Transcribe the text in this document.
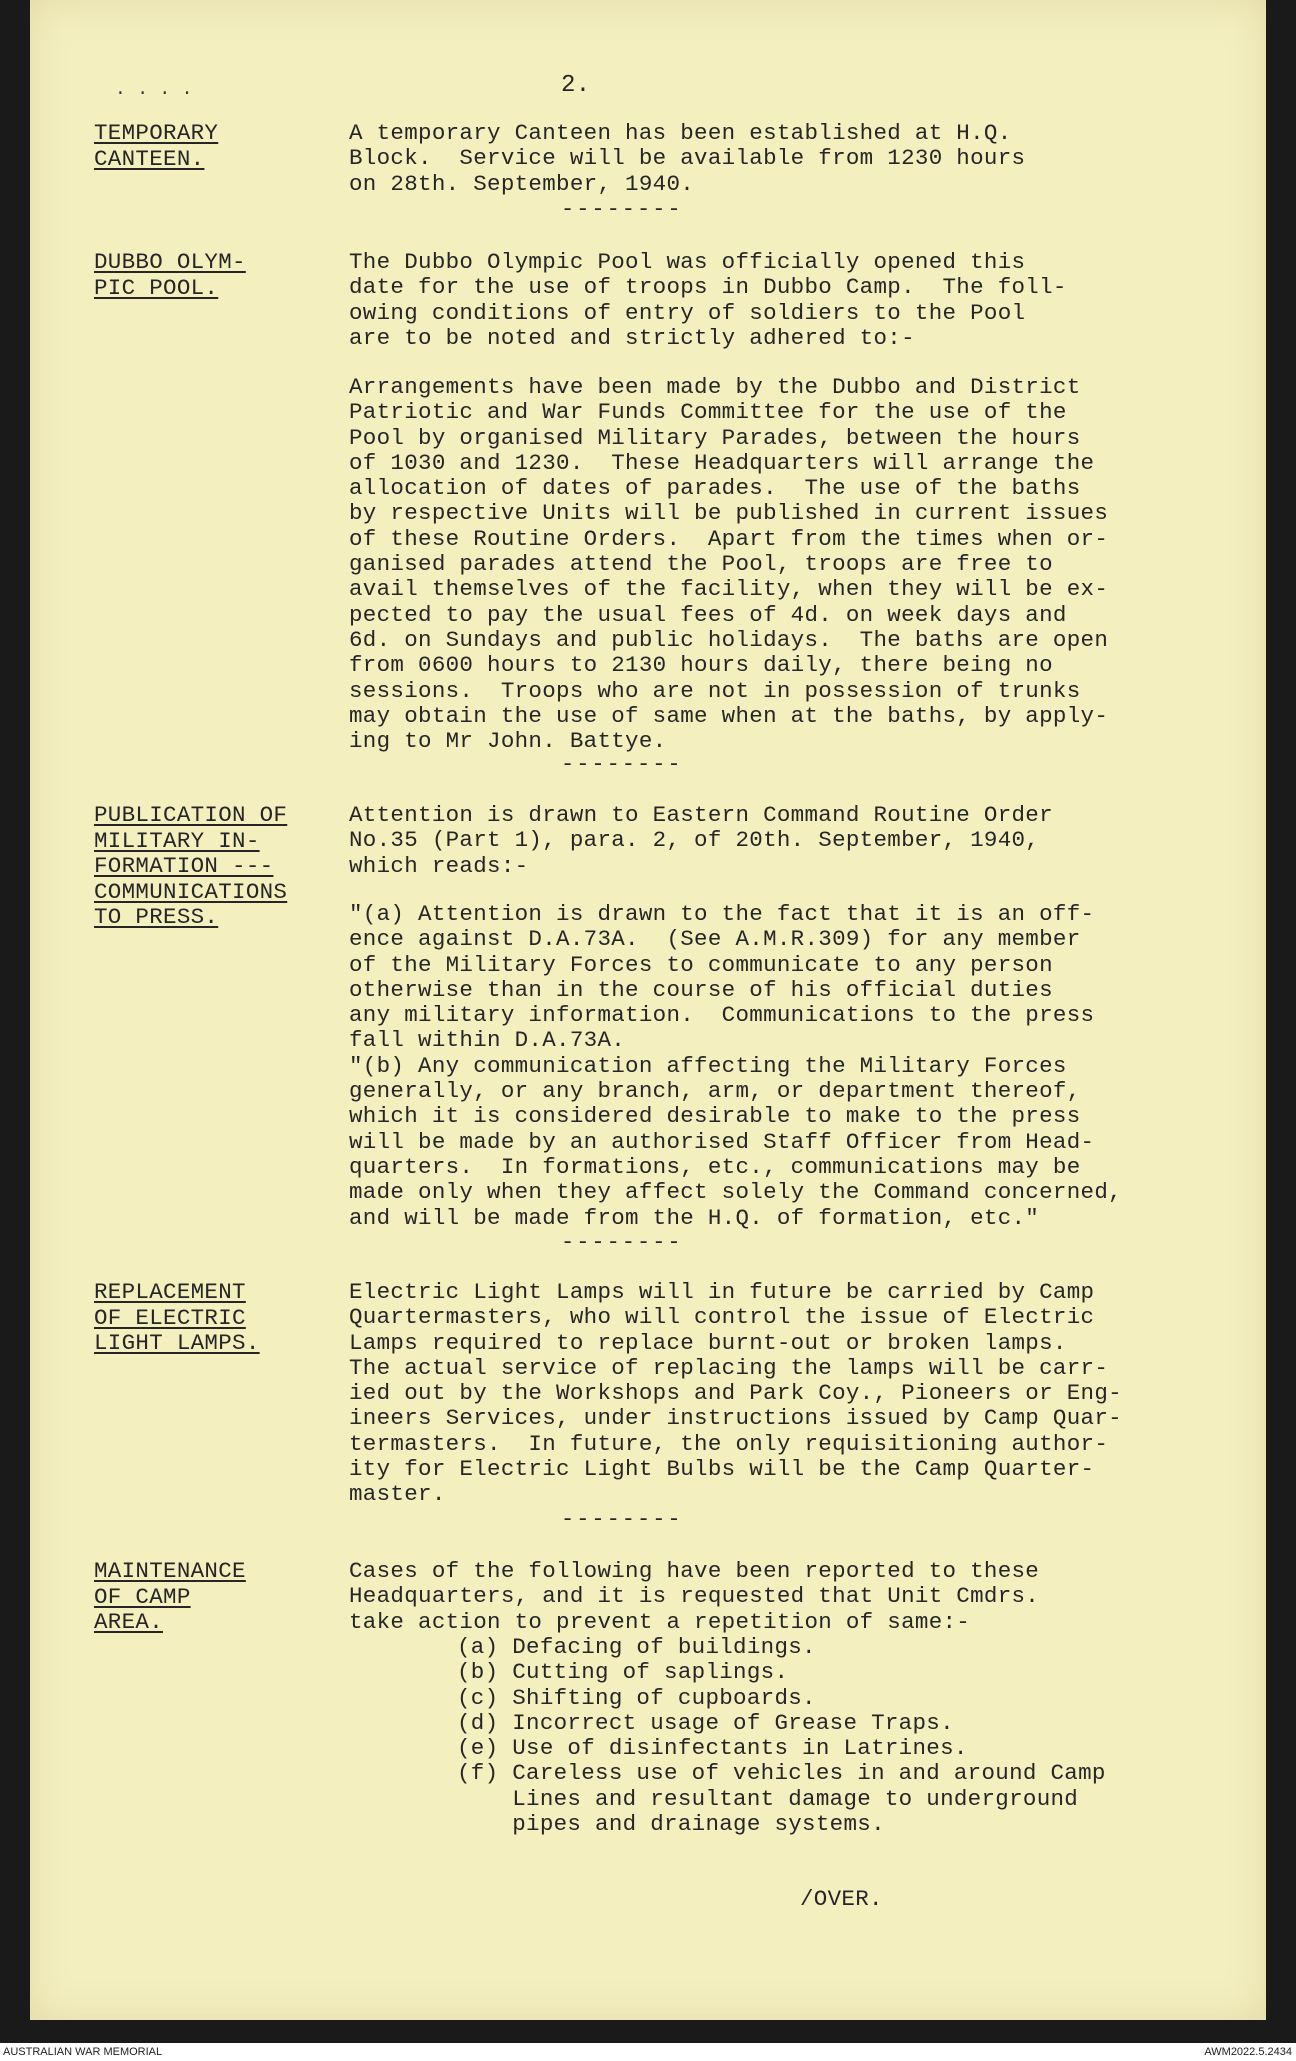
· · · ·	2.
TEMPORARY
CANTEEN.
A temporary Canteen has been established at H.Q.
Block.  Service will be available from 1230 hours
on 28th. September, 1940.
--------
DUBBO OLYM-
PIC POOL.
The Dubbo Olympic Pool was officially opened this
date for the use of troops in Dubbo Camp.  The foll-
owing conditions of entry of soldiers to the Pool
are to be noted and strictly adhered to:-
Arrangements have been made by the Dubbo and District
Patriotic and War Funds Committee for the use of the
Pool by organised Military Parades, between the hours
of 1030 and 1230.  These Headquarters will arrange the
allocation of dates of parades.  The use of the baths
by respective Units will be published in current issues
of these Routine Orders.  Apart from the times when or-
ganised parades attend the Pool, troops are free to
avail themselves of the facility, when they will be ex-
pected to pay the usual fees of 4d. on week days and
6d. on Sundays and public holidays.  The baths are open
from 0600 hours to 2130 hours daily, there being no
sessions.  Troops who are not in possession of trunks
may obtain the use of same when at the baths, by apply-
ing to Mr John. Battye.
--------
PUBLICATION OF
MILITARY IN-
FORMATION ---
COMMUNICATIONS
TO PRESS.
Attention is drawn to Eastern Command Routine Order
No.35 (Part 1), para. 2, of 20th. September, 1940,
which reads:-
"(a) Attention is drawn to the fact that it is an off-
ence against D.A.73A.  (See A.M.R.309) for any member
of the Military Forces to communicate to any person
otherwise than in the course of his official duties
any military information.  Communications to the press
fall within D.A.73A.
"(b) Any communication affecting the Military Forces
generally, or any branch, arm, or department thereof,
which it is considered desirable to make to the press
will be made by an authorised Staff Officer from Head-
quarters.  In formations, etc., communications may be
made only when they affect solely the Command concerned,
and will be made from the H.Q. of formation, etc."
--------
REPLACEMENT
OF ELECTRIC
LIGHT LAMPS.
Electric Light Lamps will in future be carried by Camp
Quartermasters, who will control the issue of Electric
Lamps required to replace burnt-out or broken lamps.
The actual service of replacing the lamps will be carr-
ied out by the Workshops and Park Coy., Pioneers or Eng-
ineers Services, under instructions issued by Camp Quar-
termasters.  In future, the only requisitioning author-
ity for Electric Light Bulbs will be the Camp Quarter-
master.
--------
MAINTENANCE
OF CAMP
AREA.
Cases of the following have been reported to these
Headquarters, and it is requested that Unit Cmdrs.
take action to prevent a repetition of same:-
(a) Defacing of buildings.
(b) Cutting of saplings.
(c) Shifting of cupboards.
(d) Incorrect usage of Grease Traps.
(e) Use of disinfectants in Latrines.
(f) Careless use of vehicles in and around Camp
Lines and resultant damage to underground
pipes and drainage systems.
/OVER.
AUSTRALIAN WAR MEMORIAL	AWM2022.5.2434
